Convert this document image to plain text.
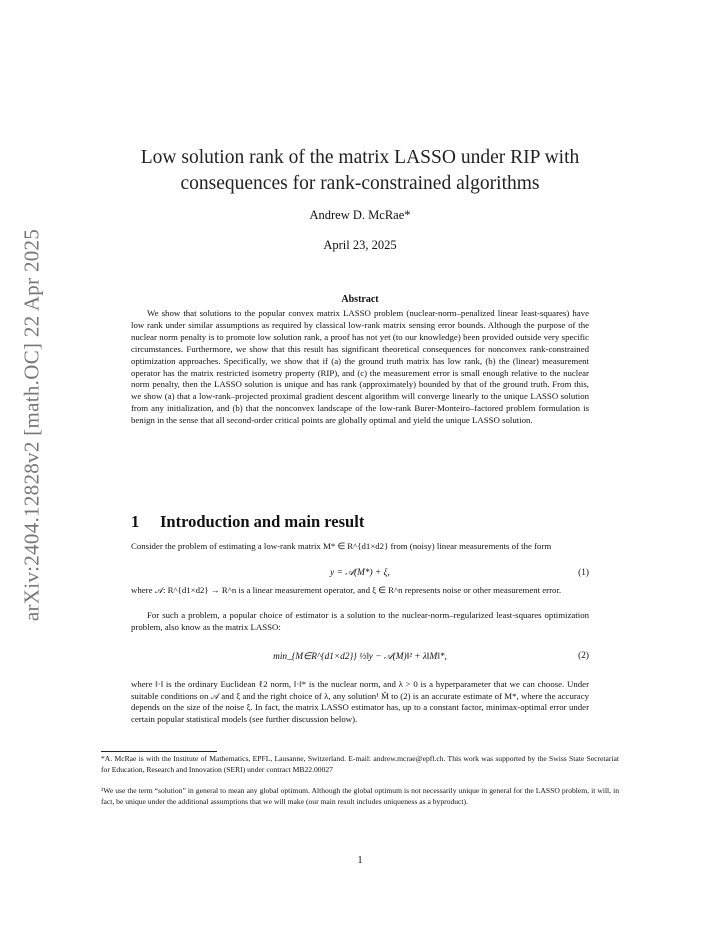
arXiv:2404.12828v2 [math.OC] 22 Apr 2025
Low solution rank of the matrix LASSO under RIP with
consequences for rank-constrained algorithms
Andrew D. McRae*
April 23, 2025
Abstract

We show that solutions to the popular convex matrix LASSO problem (nuclear-norm–penalized linear least-squares) have low rank under similar assumptions as required by classical low-rank matrix sensing error bounds. Although the purpose of the nuclear norm penalty is to promote low solution rank, a proof has not yet (to our knowledge) been provided outside very specific circumstances. Furthermore, we show that this result has significant theoretical consequences for nonconvex rank-constrained optimization approaches. Specifically, we show that if (a) the ground truth matrix has low rank, (b) the (linear) measurement operator has the matrix restricted isometry property (RIP), and (c) the measurement error is small enough relative to the nuclear norm penalty, then the LASSO solution is unique and has rank (approximately) bounded by that of the ground truth. From this, we show (a) that a low-rank–projected proximal gradient descent algorithm will converge linearly to the unique LASSO solution from any initialization, and (b) that the nonconvex landscape of the low-rank Burer-Monteiro–factored problem formulation is benign in the sense that all second-order critical points are globally optimal and yield the unique LASSO solution.

1 Introduction and main result

Consider the problem of estimating a low-rank matrix M* ∈ R^{d1×d2} from (noisy) linear measurements of the form

y = 𝒜(M*) + ξ,	(1)

where 𝒜: R^{d1×d2} → R^n is a linear measurement operator, and ξ ∈ R^n represents noise or other measurement error.

For such a problem, a popular choice of estimator is a solution to the nuclear-norm–regularized least-squares optimization problem, also know as the matrix LASSO:

min_{M∈R^{d1×d2}} ½‖y − 𝒜(M)‖² + λ‖M‖*,	(2)

where ‖·‖ is the ordinary Euclidean ℓ2 norm, ‖·‖* is the nuclear norm, and λ > 0 is a hyperparameter that we can choose. Under suitable conditions on 𝒜 and ξ and the right choice of λ, any solution¹ M̂ to (2) is an accurate estimate of M*, where the accuracy depends on the size of the noise ξ. In fact, the matrix LASSO estimator has, up to a constant factor, minimax-optimal error under certain popular statistical models (see further discussion below).

*A. McRae is with the Institute of Mathematics, EPFL, Lausanne, Switzerland. E-mail: andrew.mcrae@epfl.ch. This work was supported by the Swiss State Secretariat for Education, Research and Innovation (SERI) under contract MB22.00027

¹We use the term “solution” in general to mean any global optimum. Although the global optimum is not necessarily unique in general for the LASSO problem, it will, in fact, be unique under the additional assumptions that we will make (our main result includes uniqueness as a byproduct).

1
